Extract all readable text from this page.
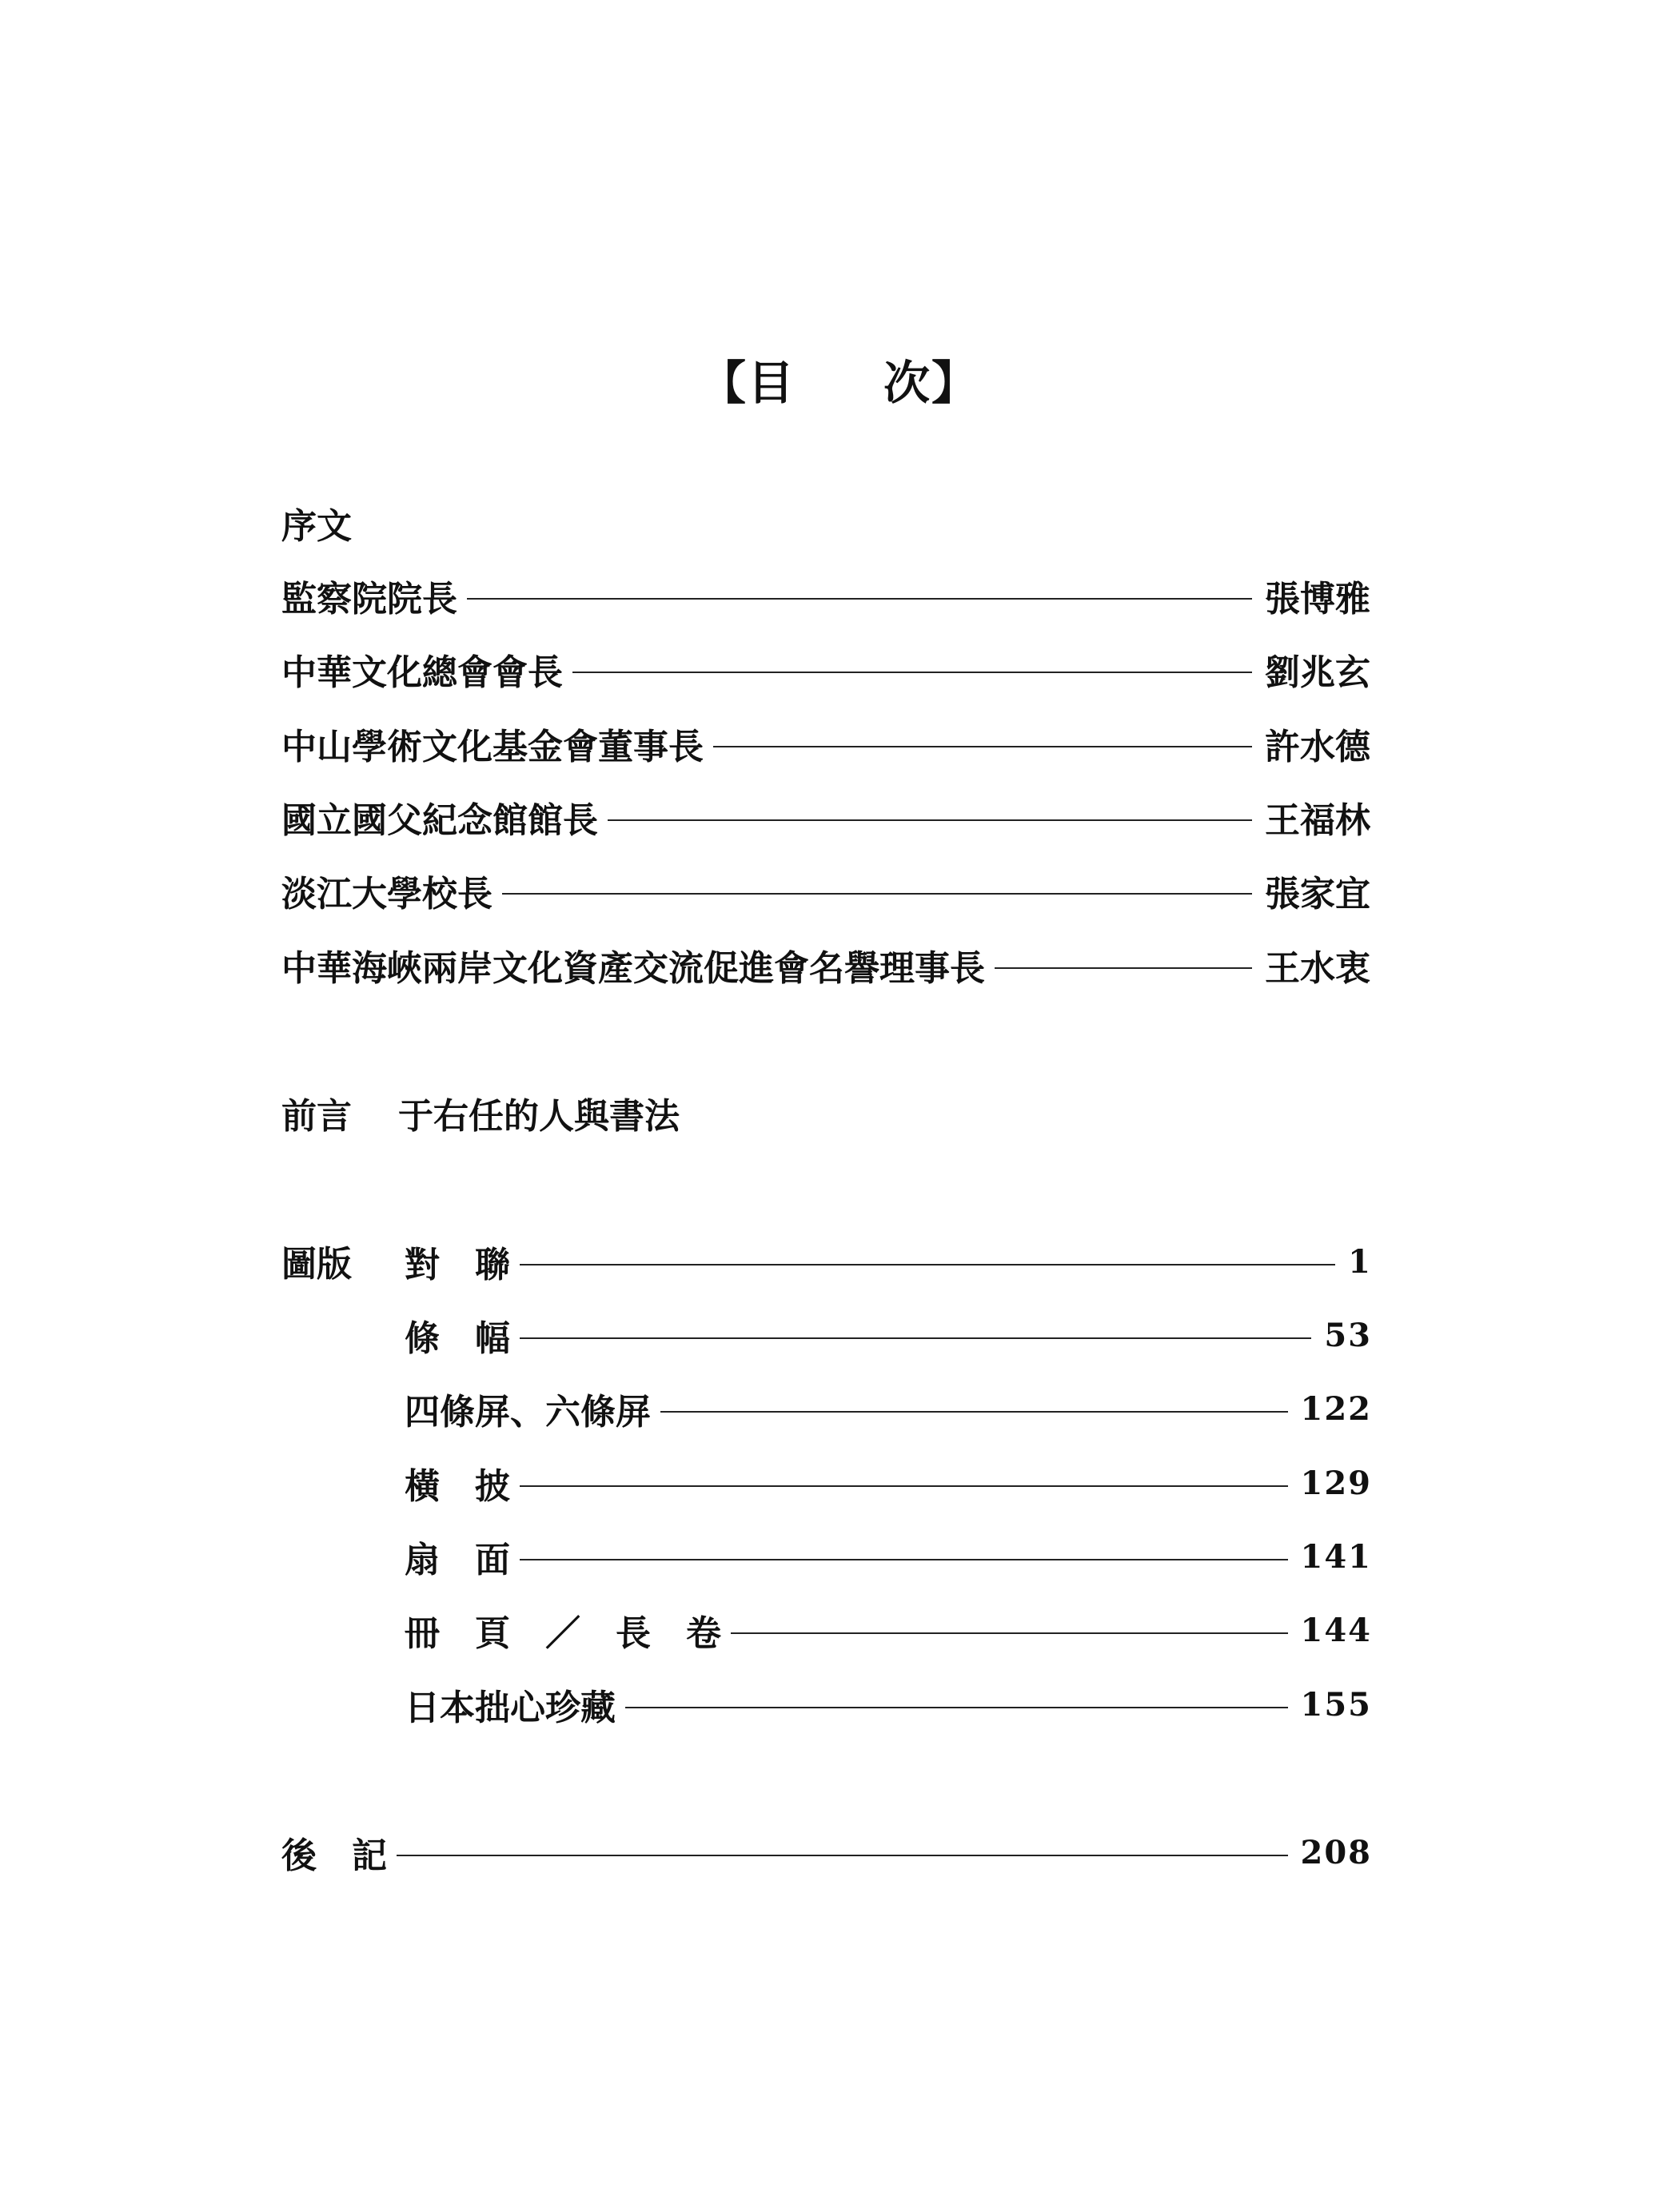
【目 次】
序文
監察院院長	張博雅
中華文化總會會長	劉兆玄
中山學術文化基金會董事長	許水德
國立國父紀念館館長	王福林
淡江大學校長	張家宜
中華海峽兩岸文化資產交流促進會名譽理事長	王水衷
前言 于右任的人與書法
圖版 對　聯	1
條　幅	53
四條屏、六條屏	122
橫　披	129
扇　面	141
冊　頁　／　長　卷	144
日本拙心珍藏	155
後　記	208
